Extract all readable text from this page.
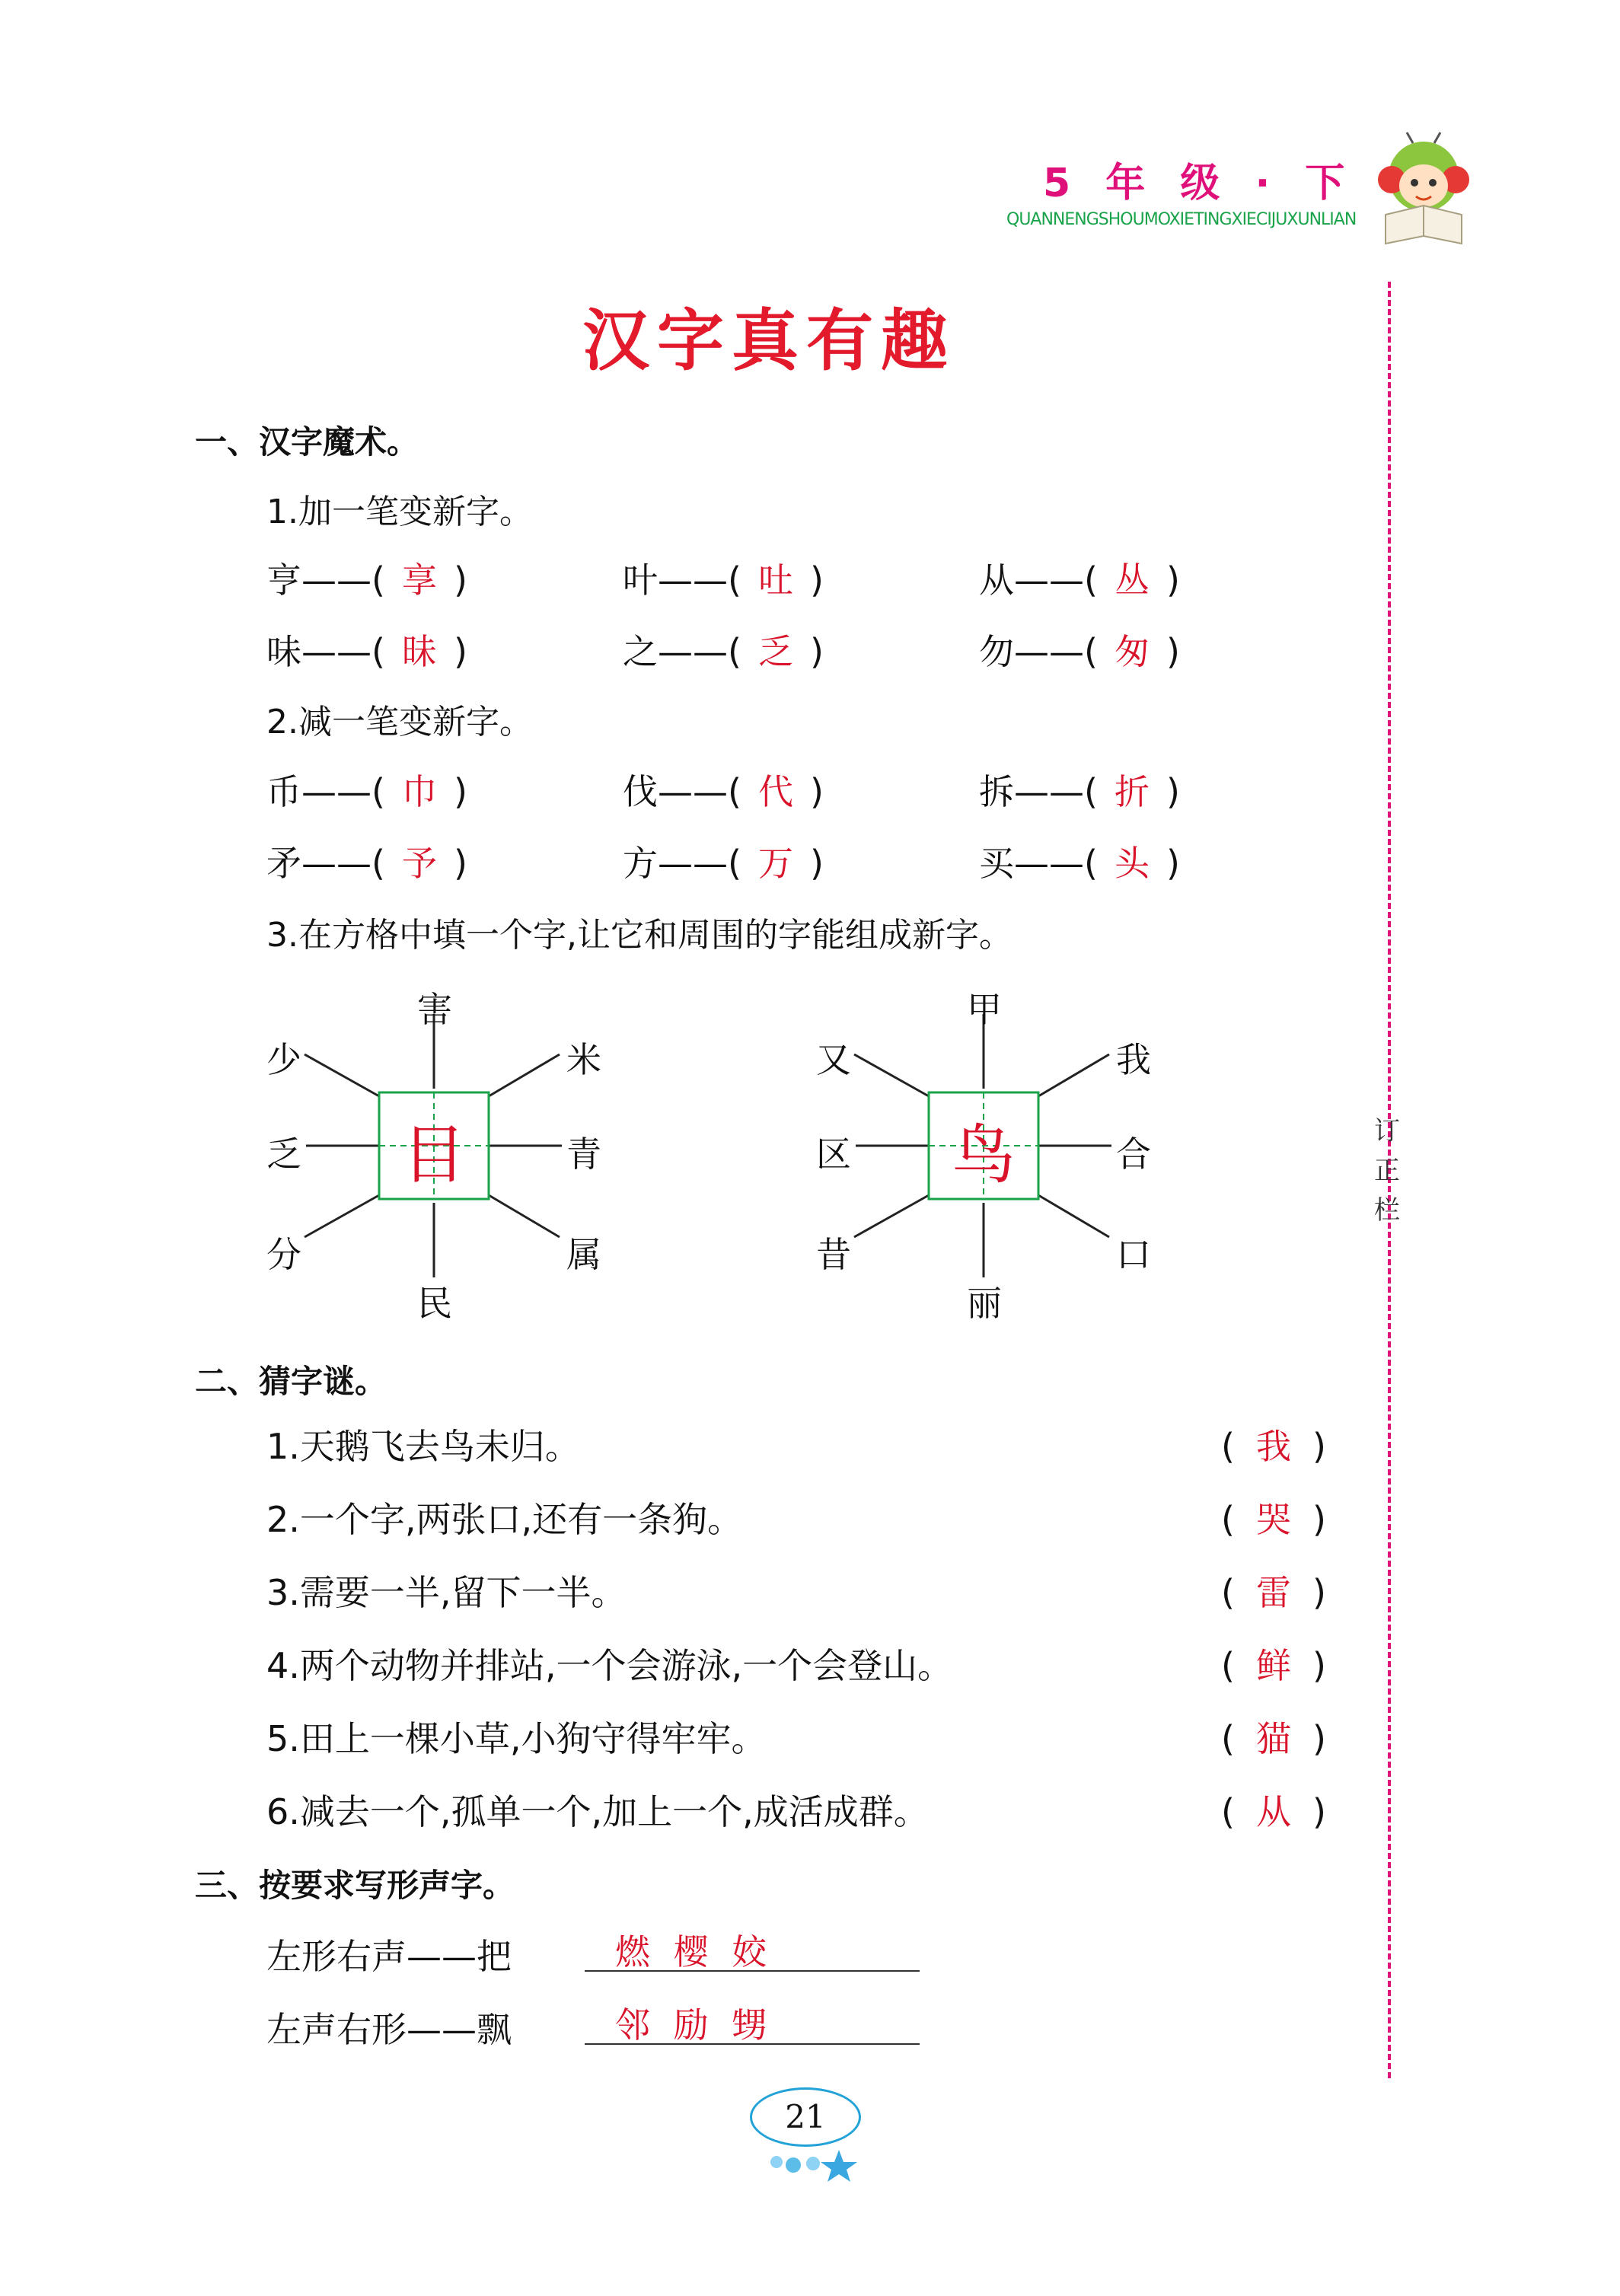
5 年 级 · 下
QUANNENGSHOUMOXIETINGXIECIJUXUNLIAN
订正栏
汉字真有趣
一、汉字魔术。
1.加一笔变新字。
亨——( 享 )	叶——( 吐 )	从——( 丛 )
味——( 昧 )	之——( 乏 )	勿——( 匆 )
2.减一笔变新字。
币——( 巾 )	伐——( 代 )	拆——( 折 )
矛——( 予 )	方——( 万 )	买——( 头 )
3.在方格中填一个字,让它和周围的字能组成新字。
害
少	米
乏	青
分
民
属
目
甲
又	我
区	合
昔
丽
口
鸟
二、猜字谜。
1.天鹅飞去鸟未归。	( 我 )
2.一个字,两张口,还有一条狗。	( 哭 )
3.需要一半,留下一半。	( 雷 )
4.两个动物并排站,一个会游泳,一个会登山。	( 鲜 )
5.田上一棵小草,小狗守得牢牢。	( 猫 )
6.减去一个,孤单一个,加上一个,成活成群。	( 从 )
三、按要求写形声字。
左形右声——把	燃 樱 姣
左声右形——飘	邻 励 甥
21
